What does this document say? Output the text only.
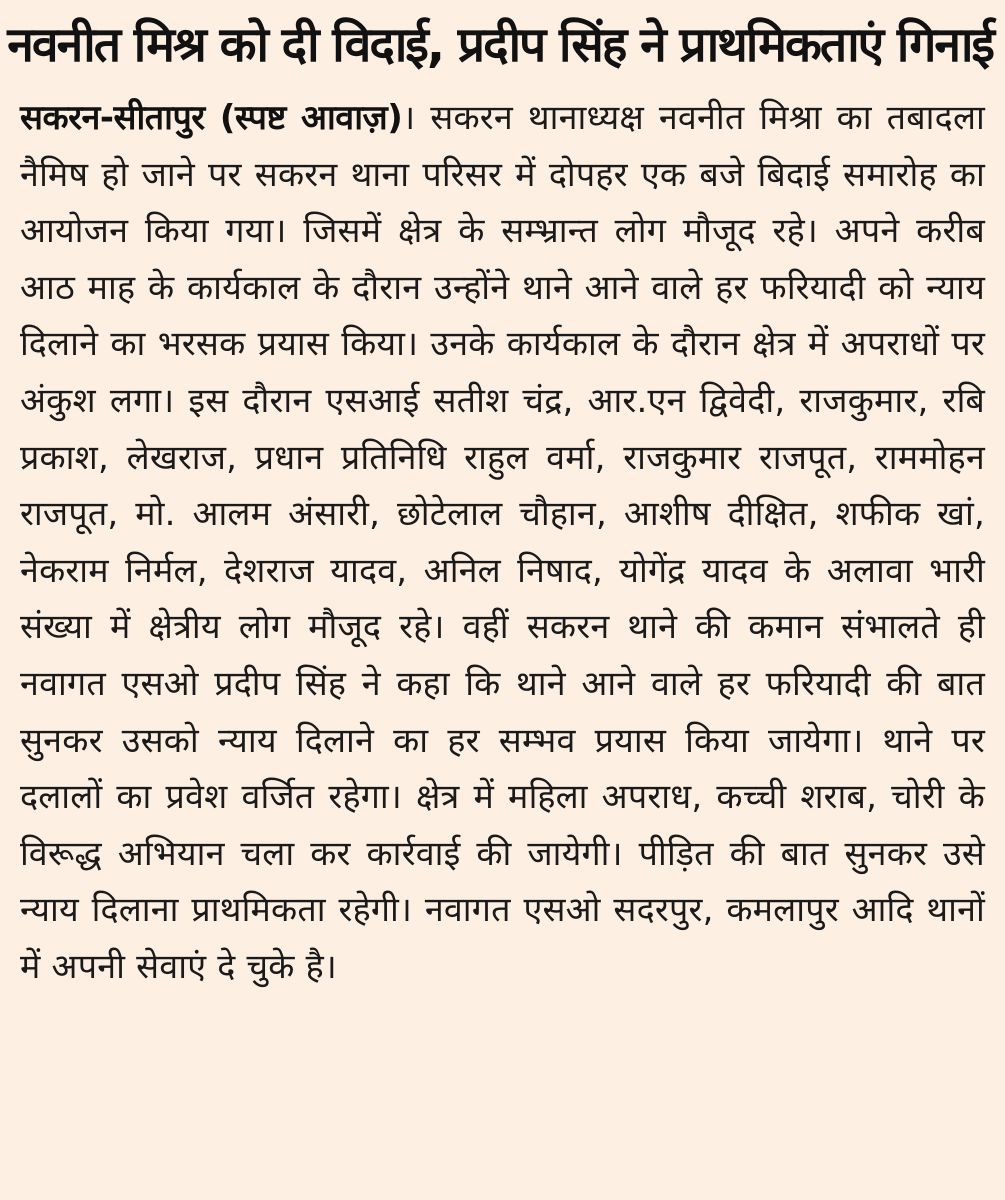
नवनीत मिश्र को दी विदाई, प्रदीप सिंह ने प्राथमिकताएं गिनाई

सकरन-सीतापुर (स्पष्ट आवाज़)। सकरन थानाध्यक्ष नवनीत मिश्रा का तबादला नैमिष हो जाने पर सकरन थाना परिसर में दोपहर एक बजे बिदाई समारोह का आयोजन किया गया। जिसमें क्षेत्र के सम्भ्रान्त लोग मौजूद रहे। अपने करीब आठ माह के कार्यकाल के दौरान उन्होंने थाने आने वाले हर फरियादी को न्याय दिलाने का भरसक प्रयास किया। उनके कार्यकाल के दौरान क्षेत्र में अपराधों पर अंकुश लगा। इस दौरान एसआई सतीश चंद्र, आर.एन द्विवेदी, राजकुमार, रबि प्रकाश, लेखराज, प्रधान प्रतिनिधि राहुल वर्मा, राजकुमार राजपूत, राममोहन राजपूत, मो. आलम अंसारी, छोटेलाल चौहान, आशीष दीक्षित, शफीक खां, नेकराम निर्मल, देशराज यादव, अनिल निषाद, योगेंद्र यादव के अलावा भारी संख्या में क्षेत्रीय लोग मौजूद रहे। वहीं सकरन थाने की कमान संभालते ही नवागत एसओ प्रदीप सिंह ने कहा कि थाने आने वाले हर फरियादी की बात सुनकर उसको न्याय दिलाने का हर सम्भव प्रयास किया जायेगा। थाने पर दलालों का प्रवेश वर्जित रहेगा। क्षेत्र में महिला अपराध, कच्ची शराब, चोरी के विरूद्ध अभियान चला कर कार्रवाई की जायेगी। पीड़ित की बात सुनकर उसे न्याय दिलाना प्राथमिकता रहेगी। नवागत एसओ सदरपुर, कमलापुर आदि थानों में अपनी सेवाएं दे चुके है।
